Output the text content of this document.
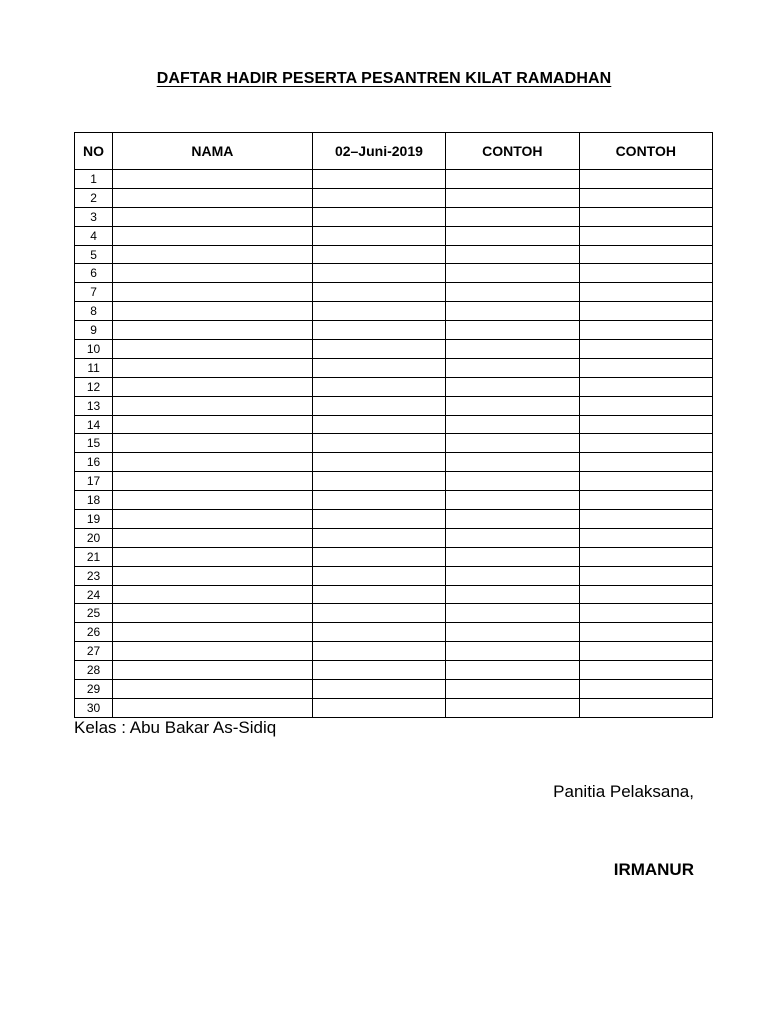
DAFTAR HADIR PESERTA PESANTREN KILAT RAMADHAN
NO	NAMA	02–Juni-2019	CONTOH	CONTOH
1				
2				
3				
4				
5				
6				
7				
8				
9				
10				
11				
12				
13				
14				
15				
16				
17				
18				
19				
20				
21				
23				
24				
25				
26				
27				
28				
29				
30				
Kelas : Abu Bakar As-Sidiq
Panitia Pelaksana,
IRMANUR
